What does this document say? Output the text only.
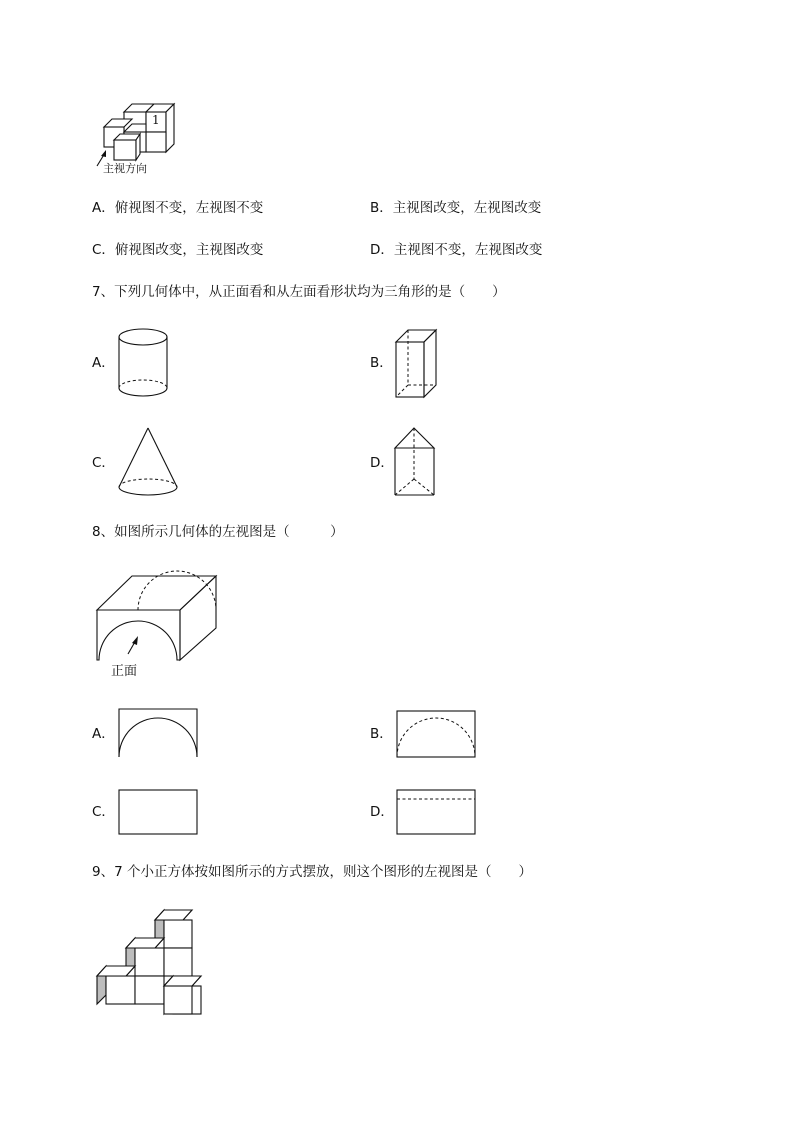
1
主视方向
A．俯视图不变，左视图不变	B．主视图改变，左视图改变
C．俯视图改变，主视图改变	D．主视图不变，左视图改变
7、下列几何体中，从正面看和从左面看形状均为三角形的是（　　）
A．	B．
C．	D．
8、如图所示几何体的左视图是（　　　）
正面
A．	B．
C．	D．
9、7 个小正方体按如图所示的方式摆放，则这个图形的左视图是（　　）
